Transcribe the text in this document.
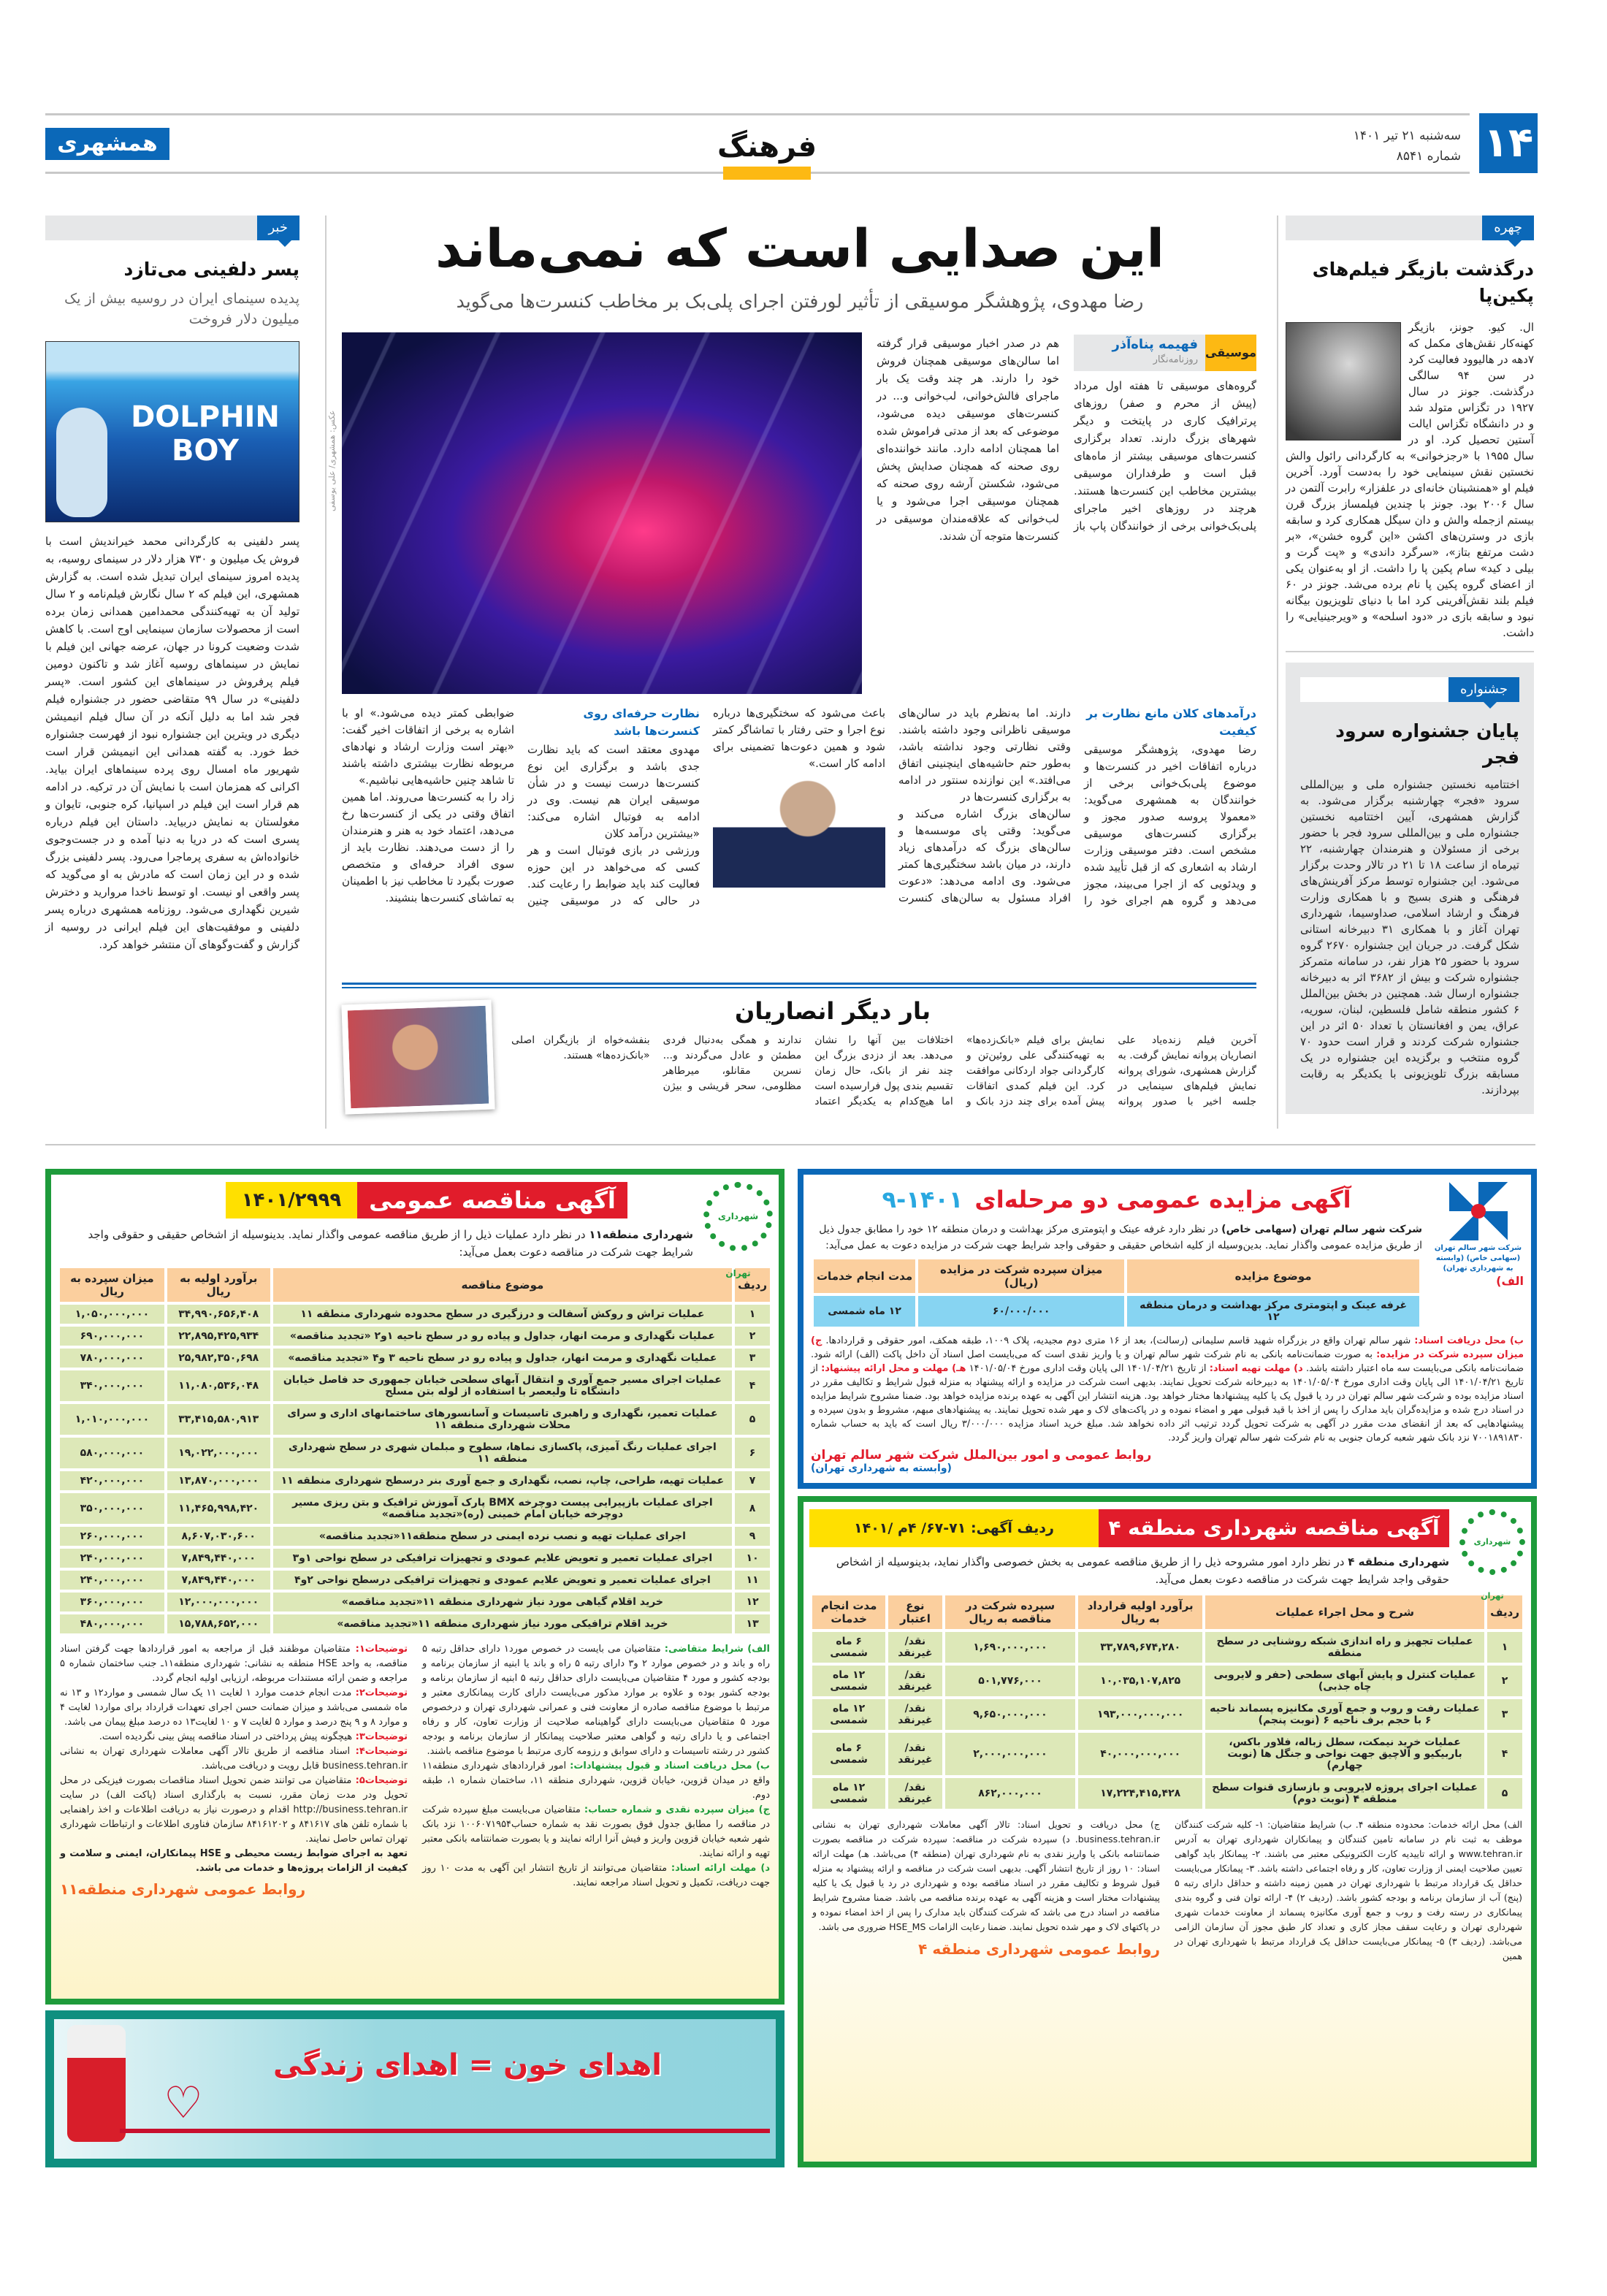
۱۴
سه‌شنبه ۲۱ تیر ۱۴۰۱
شماره ۸۵۴۱
فرهنگ
همشهری
چهره
درگذشت بازیگر فیلم‌های پکین‌پا
ال. کیو. جونز، بازیگر کهنه‌کار نقش‌های مکمل که ۷دهه در هالیوود فعالیت کرد در سن ۹۴ سالگی درگذشت. جونز در سال ۱۹۲۷ در تگزاس متولد شد و در دانشگاه تگزاس ایالت آستین تحصیل کرد. او در سال ۱۹۵۵ با «رجزخوانی» به کارگردانی رائول والش نخستین نقش سینمایی خود را به‌دست آورد. آخرین فیلم او «همنشینان خانه‌ای در علفزار» رابرت آلتمن در سال ۲۰۰۶ بود. جونز با چندین فیلمساز بزرگ قرن بیستم ازجمله والش و دان سیگل همکاری کرد و سابقه بازی در وسترن‌های اکشن «این گروه خشن»، «بر دشت مرتفع بتاز»، «سرگرد داندی» و «پت گرت و بیلی د کید» سام پکین پا را داشت. از او به‌عنوان یکی از اعضای گروه پکین پا نام برده می‌شد. جونز در ۶۰ فیلم بلند نقش‌آفرینی کرد اما با دنیای تلویزیون بیگانه نبود و سابقه بازی در «دود اسلحه» و «ویرجینیایی» را داشت.
جشنواره
پایان جشنواره سرود فجر
اختتامیه نخستین جشنواره ملی و بین‌المللی سرود «فجر» چهارشنبه برگزار می‌شود. به گزارش همشهری، آیین اختتامیه نخستین جشنواره ملی و بین‌المللی سرود فجر با حضور برخی از مسئولان و هنرمندان چهارشنبه، ۲۲ تیرماه از ساعت ۱۸ تا ۲۱ در تالار وحدت برگزار می‌شود. این جشنواره توسط مرکز آفرینش‌های فرهنگی و هنری بسیج و با همکاری وزارت فرهنگ و ارشاد اسلامی، صداوسیما، شهرداری تهران آغاز و با همکاری ۳۱ دبیرخانه استانی شکل گرفت. در جریان این جشنواره ۲۶۷۰ گروه سرود با حضور ۲۵ هزار نفر، در سامانه متمرکز جشنواره شرکت و بیش از ۳۶۸۲ اثر به دبیرخانه جشنواره ارسال شد. همچنین در بخش بین‌الملل ۶ کشور منطقه شامل فلسطین، لبنان، سوریه، عراق، یمن و افغانستان با تعداد ۵۰ اثر در این جشنواره شرکت کردند و قرار است حدود ۷۰ گروه منتخب و برگزیده این جشنواره در یک مسابقه بزرگ تلویزیونی با یکدیگر به رقابت بپردازند.
این صدایی است که نمی‌ماند
رضا مهدوی، پژوهشگر موسیقی از تأثیر لورفتن اجرای پلی‌بک بر مخاطب کنسرت‌ها می‌گوید
عکس: همشهری/ علی یوسفی
موسیقی
فهیمه پناه‌آذر
روزنامه‌نگار
گروه‌های موسیقی تا هفته اول مرداد (پیش از محرم و صفر) روزهای پرترافیک کاری در پایتخت و دیگر شهرهای بزرگ دارند. تعداد برگزاری کنسرت‌های موسیقی بیشتر از ماه‌های قبل است و طرفداران موسیقی بیشترین مخاطب این کنسرت‌ها هستند. هرچند در روزهای اخیر ماجرای پلی‌بک‌خوانی برخی از خوانندگان پاپ باز هم در صدر اخبار موسیقی قرار گرفته اما سالن‌های موسیقی همچنان فروش خود را دارند. هر چند وقت یک بار ماجرای فالش‌خوانی، لب‌خوانی و... در کنسرت‌های موسیقی دیده می‌شود، موضوعی که بعد از مدتی فراموش شده اما همچنان ادامه دارد. مانند خواننده‌ای روی صحنه که همچنان صدایش پخش می‌شود، شکستن آرشه روی صحنه که همچنان موسیقی اجرا می‌شود و یا لب‌خوانی که علاقه‌مندان موسیقی در کنسرت‌ها متوجه آن شدند.
درآمدهای کلان مانع نظارت بر کیفیت
رضا مهدوی، پژوهشگر موسیقی درباره اتفاقات اخیر در کنسرت‌ها و موضوع پلی‌بک‌خوانی برخی از خوانندگان به همشهری می‌گوید: «معمولا پروسه صدور مجوز و برگزاری کنسرت‌های موسیقی مشخص است. دفتر موسیقی وزارت ارشاد به اشعاری که از قبل تأیید شده و ویدئویی که از اجرا می‌بیند، مجوز می‌دهد و گروه هم اجرای خود را دارند. اما به‌نظرم باید در سالن‌های موسیقی ناظرانی وجود داشته باشند. وقتی نظارتی وجود نداشته باشد، به‌طور حتم حاشیه‌های اینچنینی اتفاق می‌افتد.» این نوازنده سنتور در ادامه به برگزاری کنسرت‌ها در
سالن‌های بزرگ اشاره می‌کند و می‌گوید: وقتی پای موسسه‌ها و سالن‌های بزرگ که درآمدهای زیاد دارند، در میان باشد سختگیری‌ها کمتر می‌شود. وی ادامه می‌دهد: «دعوت افراد مسئول به سالن‌های کنسرت باعث می‌شود که سختگیری‌ها درباره نوع اجرا و حتی رفتار با تماشاگر کمتر شود و همین دعوت‌ها تضمینی برای ادامه کار است.»
نظارت حرفه‌ای روی کنسرت‌ها باشد
مهدوی معتقد است که باید نظارت جدی باشد و برگزاری این نوع کنسرت‌ها درست نیست و در شأن موسیقی ایران هم نیست. وی در ادامه به فوتبال اشاره می‌کند: «بیشترین درآمد کلان
ورزشی در بازی فوتبال است و هر کسی که می‌خواهد در این حوزه فعالیت کند باید ضوابط را رعایت کند. در حالی که در موسیقی چنین ضوابطی کمتر دیده می‌شود.» او با اشاره به برخی از اتفاقات اخیر گفت: «بهتر است وزارت ارشاد و نهادهای مربوطه نظارت بیشتری داشته باشند تا شاهد چنین حاشیه‌هایی نباشیم.»
زاد را به کنسرت‌ها می‌روند. اما همین اتفاق وقتی در یکی از کنسرت‌ها رخ می‌دهد، اعتماد خود به هنر و هنرمندان را از دست می‌دهند. نظارت باید از سوی افراد حرفه‌ای و متخصص صورت بگیرد تا مخاطب نیز با اطمینان به تماشای کنسرت‌ها بنشیند.
بار دیگر انصاریان
آخرین فیلم زنده‌یاد علی انصاریان پروانه نمایش گرفت. به گزارش همشهری، شورای پروانه نمایش فیلم‌های سینمایی در جلسه اخیر با صدور پروانه نمایش برای فیلم «بانک‌زده‌ها» به تهیه‌کنندگی علی روئین‌تن و کارگردانی جواد اردکانی موافقت کرد. این فیلم کمدی اتفاقات پیش آمده برای چند دزد بانک و اختلافات بین آنها را نشان می‌دهد. بعد از دزدی بزرگ این چند نفر از بانک، حال زمان تقسیم بندی پول فرارسیده است اما هیچ‌کدام به یکدیگر اعتماد ندارند و همگی به‌دنبال فردی مطمئن و عادل می‌گردند و... نسرین مقانلو، میرطاهر مظلومی، سحر قریشی و بیژن بنفشه‌خواه از بازیگران اصلی «بانک‌زده‌ها» هستند.
خبر
پسر دلفینی می‌تازد
پدیده سینمای ایران در روسیه بیش از یک میلیون دلار فروخت
DOLPHIN BOY
پسر دلفینی به کارگردانی محمد خیراندیش است با فروش یک میلیون و ۷۳۰ هزار دلار در سینمای روسیه، به پدیده امروز سینمای ایران تبدیل شده است. به گزارش همشهری، این فیلم که ۲ سال نگارش فیلم‌نامه و ۲ سال تولید آن به تهیه‌کنندگی محمدامین همدانی زمان برده است از محصولات سازمان سینمایی اوج است. با کاهش شدت وضعیت کرونا در جهان، عرضه جهانی این فیلم با نمایش در سینماهای روسیه آغاز شد و تاکنون دومین فیلم پرفروش در سینماهای این کشور است. «پسر دلفینی» در سال ۹۹ متقاضی حضور در جشنواره فیلم فجر شد اما به دلیل آنکه در آن سال فیلم انیمیشن دیگری در ویترین این جشنواره نبود از فهرست جشنواره خط خورد. به گفته همدانی این انیمیشن قرار است شهریور ماه امسال روی پرده سینماهای ایران بیاید. اکرانی که همزمان است با نمایش آن در ترکیه. در ادامه هم قرار است این فیلم در اسپانیا، کره جنوبی، تایوان و مغولستان به نمایش دربیاید. داستان این فیلم درباره پسری است که در دریا به دنیا آمده و در جست‌وجوی خانواده‌اش به سفری پرماجرا می‌رود. پسر دلفینی بزرگ شده و در این زمان است که مادرش به او می‌گوید که پسر واقعی او نیست. او توسط ناخدا مروارید و دخترش شیرین نگهداری می‌شود. روزنامه همشهری درباره پسر دلفینی و موفقیت‌های این فیلم ایرانی در روسیه از گزارش و گفت‌وگوهای آن منتشر خواهد کرد.
شهرداری تهران
آگهی مناقصه عمومی
۱۴۰۱/۲۹۹۹
شهرداری منطقه۱۱ در نظر دارد عملیات ذیل را از طریق مناقصه عمومی واگذار نماید. بدینوسیله از اشخاص حقیقی و حقوقی واجد شرایط جهت شرکت در مناقصه دعوت بعمل می‌آید:
ردیف	موضوع مناقصه	برآورد اولیه به ریال	میزان سپرده به ریال
۱	عملیات تراش و روکش آسفالت و درزگیری در سطح محدوده شهرداری منطقه ۱۱	۳۴,۹۹۰,۶۵۶,۴۰۸	۱,۰۵۰,۰۰۰,۰۰۰
۲	عملیات نگهداری و مرمت انهار، جداول و پیاده رو در سطح ناحیه ۱و۲ «تجدید مناقصه»	۲۲,۸۹۵,۴۲۵,۹۳۴	۶۹۰,۰۰۰,۰۰۰
۳	عملیات نگهداری و مرمت انهار، جداول و پیاده رو در سطح ناحیه ۳ و۴ «تجدید مناقصه»	۲۵,۹۸۲,۳۵۰,۶۹۸	۷۸۰,۰۰۰,۰۰۰
۴	عملیات اجرای مسیر جمع آوری و انتقال آبهای سطحی خیابان جمهوری حد فاصل خیابان دانشگاه تا ولیعصر با استفاده از لوله بتن مسلح	۱۱,۰۸۰,۵۳۶,۰۴۸	۳۴۰,۰۰۰,۰۰۰
۵	عملیات تعمیر، نگهداری و راهبری تاسیسات و آسانسورهای ساختمانهای اداری و سرای محلات شهرداری منطقه ۱۱	۳۳,۴۱۵,۵۸۰,۹۱۳	۱,۰۱۰,۰۰۰,۰۰۰
۶	اجرای عملیات رنگ آمیزی، پاکسازی نماها، سطوح و مبلمان شهری در سطح شهرداری منطقه ۱۱	۱۹,۰۲۲,۰۰۰,۰۰۰	۵۸۰,۰۰۰,۰۰۰
۷	عملیات تهیه، طراحی، چاپ، نصب، نگهداری و جمع آوری بنر درسطح شهرداری منطقه ۱۱	۱۳,۸۷۰,۰۰۰,۰۰۰	۴۲۰,۰۰۰,۰۰۰
۸	اجرای عملیات بازپیرایی پیست دوچرخه BMX پارک آموزش ترافیک و بتن ریزی مسیر دوچرخه خیابان امام خمینی (ره)«تجدید مناقصه»	۱۱,۴۶۵,۹۹۸,۴۲۰	۳۵۰,۰۰۰,۰۰۰
۹	اجرای عملیات تهیه و نصب نرده ایمنی در سطح منطقه۱۱«تجدید مناقصه»	۸,۶۰۷,۰۳۰,۶۰۰	۲۶۰,۰۰۰,۰۰۰
۱۰	اجرای عملیات تعمیر و تعویض علایم عمودی و تجهیزات ترافیکی در سطح نواحی ۱و۳	۷,۸۴۹,۴۴۰,۰۰۰	۲۴۰,۰۰۰,۰۰۰
۱۱	اجرای عملیات تعمیر و تعویض علایم عمودی و تجهیزات ترافیکی درسطح نواحی ۲و۴	۷,۸۴۹,۴۴۰,۰۰۰	۲۴۰,۰۰۰,۰۰۰
۱۲	خرید اقلام گیاهی مورد نیاز شهرداری منطقه ۱۱«تجدید مناقصه»	۱۲,۰۰۰,۰۰۰,۰۰۰	۳۶۰,۰۰۰,۰۰۰
۱۳	خرید اقلام ترافیکی مورد نیاز شهرداری منطقه ۱۱«تجدید مناقصه»	۱۵,۷۸۸,۶۵۲,۰۰۰	۴۸۰,۰۰۰,۰۰۰
الف) شرایط متقاضی: متقاضیان می بایست در خصوص مورد۱ دارای حداقل رتبه ۵ راه و باند و در خصوص موارد ۲ و۳ دارای رتبه ۵ راه و باند یا ابنیه از سازمان برنامه و بودجه کشور و مورد ۴ متقاضیان می‌بایست دارای حداقل رتبه ۵ ابنیه از سازمان برنامه و بودجه کشور بوده و علاوه بر موارد مذکور می‌بایست دارای کارت پیمانکاری معتبر و مرتبط با موضوع مناقصه صادره از معاونت فنی و عمرانی شهرداری تهران و درخصوص مورد ۵ متقاضیان می‌بایست دارای گواهینامه صلاحیت از وزارت تعاون، کار و رفاه اجتماعی و یا دارای رتبه و گواهی معتبر صلاحیت پیمانکار از سازمان برنامه و بودجه کشور در رشته تاسیسات و دارای سوابق و رزومه کاری مرتبط با موضوع مناقصه باشند.
ب) محل دریافت اسناد و قبول پیشنهادات: امور قراردادهای شهرداری منطقه۱۱ واقع در میدان قزوین، خیابان قزوین، شهرداری منطقه ۱۱، ساختمان شماره ۱، طبقه دوم.
ج) میزان سپرده نقدی و شماره حساب: متقاضیان می‌بایست مبلغ سپرده شرکت در مناقصه را مطابق جدول فوق بصورت نقد به شماره حساب۱۰۰۶۰۷۱۹۵۴ نزد بانک شهر شعبه خیابان قزوین واریز و فیش آنرا ارائه نمایند و یا بصورت ضمانتنامه بانکی معتبر تهیه و ارائه نمایند.
د) مهلت ارائه اسناد: متقاضیان می‌توانند از تاریخ انتشار این آگهی به مدت ۱۰ روز جهت دریافت، تکمیل و تحویل اسناد مراجعه نمایند.
توضیحات۱: متقاضیان موظفند قبل از مراجعه به امور قراردادها جهت گرفتن اسناد مناقصه، به واحد HSE منطقه به نشانی: شهرداری منطقه۱۱ـ جنب ساختمان شماره ۵ مراجعه و ضمن ارائه مستندات مربوطه، ارزیابی اولیه انجام گردد.
توضیحات۲: مدت انجام خدمت موارد ۱ لغایت ۱۱ یک سال شمسی و موارد۱۲ و ۱۳ نه ماه شمسی می‌باشد و میزان ضمانت حسن اجرای تعهدات قرارداد برای موارد۱ لغایت ۴ و موارد ۸ و ۹ پنج درصد و موارد ۵ لغایت ۷ و ۱۰ لغایت۱۳ ده درصد مبلغ پیمان می باشد.
توضیحات۳: هیچگونه پیش پرداختی در اسناد مناقصه پیش بینی نگردیده است.
توضیحات۴: اسناد مناقصه از طریق تالار آگهی معاملات شهرداری تهران به نشانی business.tehran.ir قابل رویت و دریافت می‌باشد.
توضیحات۵: متقاضیان می توانند ضمن تحویل اسناد مناقصات بصورت فیزیکی در محل تحویل ودر مدت زمان مقرر، نسبت به بارگذاری اسناد (پاکت الف) در سایت http://business.tehran.ir اقدام و درصورت نیاز به دریافت اطلاعات و اخذ راهنمایی با شماره تلفن های ۸۴۱۶۱۷ و ۸۴۱۶۱۲۰۲ سازمان فناوری اطلاعات و ارتباطات شهرداری تهران تماس حاصل نمایند.
تعهد به اجرای ضوابط زیست محیطی و HSE پیمانکاران، ایمنی و سلامت و کیفیت از الزامات پروژه‌ها و خدمات می باشد.
روابط عمومی شهرداری منطقه۱۱
♡
اهدای خون = اهدای زندگی
شرکت شهر سالم تهران (سهامی خاص) (وابسته به شهرداری تهران)
الف)
آگهی مزایده عمومی دو مرحله‌ای
۹-۱۴۰۱
شرکت شهر سالم تهران (سهامی خاص) در نظر دارد غرفه عینک و اپتومتری مرکز بهداشت و درمان منطقه ۱۲ خود را مطابق جدول ذیل از طریق مزایده عمومی واگذار نماید. بدین‌وسیله از کلیه اشخاص حقیقی و حقوقی واجد شرایط جهت شرکت در مزایده دعوت به عمل می‌آید:
موضوع مزایده	میزان سپرده شرکت در مزایده (ریال)	مدت انجام خدمات
غرفه عینک و اپتومتری مرکز بهداشت و درمان منطقه ۱۲	۶۰/۰۰۰/۰۰۰	۱۲ ماه شمسی
ب) محل دریافت اسناد: شهر سالم تهران واقع در بزرگراه شهید قاسم سلیمانی (رسالت)، بعد از ۱۶ متری دوم مجیدیه، پلاک ۱۰۰۹، طبقه همکف، امور حقوقی و قراردادها. ج) میزان سپرده شرکت در مزایده: به صورت ضمانت‌نامه بانکی به نام شرکت شهر سالم تهران و یا واریز نقدی است که می‌بایست اصل اسناد آن داخل پاکت (الف) ارائه شود. ضمانت‌نامه بانکی می‌بایست سه ماه اعتبار داشته باشد. د) مهلت تهیه اسناد: از تاریخ ۱۴۰۱/۰۴/۲۱ الی پایان وقت اداری مورخ ۱۴۰۱/۰۵/۰۴ هـ) مهلت و محل ارائه پیشنهاد: از تاریخ ۱۴۰۱/۰۴/۲۱ الی پایان وقت اداری مورخ ۱۴۰۱/۰۵/۰۴ به دبیرخانه شرکت تحویل نمایند. بدیهی است شرکت در مزایده و ارائه پیشنهاد به منزله قبول شرایط و تکالیف مقرر در اسناد مزایده بوده و شرکت شهر سالم تهران در رد یا قبول یک یا کلیه پیشنهادها مختار خواهد بود. هزینه انتشار این آگهی به عهده برنده مزایده خواهد بود. ضمنا مشروح شرایط مزایده در اسناد درج شده و مزایده‌گران باید مدارک را پس از اخذ با قید قبولی مهر و امضاء نموده و در پاکت‌های لاک و مهر شده تحویل نمایند. به پیشنهادهای مبهم، مشروط و بدون سپرده و پیشنهادهایی که بعد از انقضای مدت مقرر در آگهی به شرکت تحویل گردد ترتیب اثر داده نخواهد شد. مبلغ خرید اسناد مزایده ۳/۰۰۰/۰۰۰ ریال است که باید به حساب شماره ۷۰۰۱۸۹۱۸۳۰ نزد بانک شهر شعبه کرمان جنوبی به نام شرکت شهر سالم تهران واریز گردد.
روابط عمومی و امور بین‌الملل شرکت شهر سالم تهران
(وابسته به شهرداری تهران)
شهرداری تهران
آگهی مناقصه شهرداری منطقه ۴
ردیف آگهی: ۷۱-۶۷/ ۴م /۱۴۰۱
شهرداری منطقه ۴ در نظر دارد امور مشروحه ذیل را از طریق مناقصه عمومی به بخش خصوصی واگذار نماید، بدینوسیله از اشخاص حقوقی واجد شرایط جهت شرکت در مناقصه دعوت بعمل می‌آید.
ردیف	شرح و محل اجراء عملیات	برآورد اولیه قرارداد به ریال	سپرده شرکت در مناقصه به ریال	نوع اعتبار	مدت انجام خدمات
۱	عملیات تجهیز و راه اندازی شبکه روشنایی در سطح منطقه	۳۳,۷۸۹,۶۷۴,۲۸۰	۱,۶۹۰,۰۰۰,۰۰۰	نقد/غیرنقد	۶ ماه شمسی
۲	عملیات کنترل و پایش آبهای سطحی (حفر و لایروبی چاه جذبی)	۱۰,۰۳۵,۱۰۷,۸۲۵	۵۰۱,۷۷۶,۰۰۰	نقد/غیرنقد	۱۲ ماه شمسی
۳	عملیات رفت و روب و جمع آوری مکانیزه پسماند ناحیه ۶ با حجم برف ناحیه ۶ (نوبت پنجم)	۱۹۳,۰۰۰,۰۰۰,۰۰۰	۹,۶۵۰,۰۰۰,۰۰۰	نقد/غیرنقد	۱۲ ماه شمسی
۴	عملیات خرید نیمکت، سطل زباله، فلاور باکس، باربیکیو و آلاچیق جهت نواحی و جنگل ها (نوبت چهارم)	۴۰,۰۰۰,۰۰۰,۰۰۰	۲,۰۰۰,۰۰۰,۰۰۰	نقد/غیرنقد	۶ ماه شمسی
۵	عملیات اجرای پروژه لایروبی و بازسازی قنوات سطح منطقه ۴ (نوبت دوم)	۱۷,۲۲۴,۴۱۵,۴۲۸	۸۶۲,۰۰۰,۰۰۰	نقد/غیرنقد	۱۲ ماه شمسی
الف) محل ارائه خدمات: محدوده منطقه ۴. ب) شرایط متقاضیان: ۱- کلیه شرکت کنندگان موظف به ثبت نام در سامانه تامین کنندگان و پیمانکاران شهرداری تهران به آدرس www.tehran.ir و ارائه تاییدیه کارت الکترونیکی معتبر می باشند. ۲- پیمانکار باید گواهی تعیین صلاحیت ایمنی از وزارت تعاون، کار و رفاه اجتماعی داشته باشد. ۳- پیمانکار می‌بایست حداقل یک قرارداد مرتبط با شهرداری تهران در همین زمینه داشته و حداقل دارای رتبه ۵ (پنج) آب از سازمان برنامه و بودجه کشور باشد. (ردیف ۲) ۴- ارائه توان فنی و گروه بندی پیمانکاری در رسته رفت و روب و جمع آوری مکانیزه پسماند از معاونت خدمات شهری شهرداری تهران و رعایت سقف مجاز کاری و تعداد کار طبق مجوز آن سازمان الزامی می‌باشد. (ردیف ۳) ۵- پیمانکار می‌بایست حداقل یک قرارداد مرتبط با شهرداری تهران در همین
ج) محل دریافت و تحویل اسناد: تالار آگهی معاملات شهرداری تهران به نشانی business.tehran.ir. د) سپرده شرکت در مناقصه: سپرده شرکت در مناقصه بصورت ضمانتنامه بانکی یا واریز نقدی به نام شهرداری تهران (منطقه ۴) می‌باشد. هـ) مهلت ارائه اسناد: ۱۰ روز از تاریخ انتشار آگهی. بدیهی است شرکت در مناقصه و ارائه پیشنهاد به منزله قبول شروط و تکالیف مقرر در اسناد مناقصه بوده و شهرداری در رد یا قبول یک یا کلیه پیشنهادات مختار است و هزینه آگهی به عهده برنده مناقصه می باشد. ضمنا مشروح شرایط مناقصه در اسناد درج می باشد که شرکت کنندگان باید مدارک را پس از اخذ امضاء نموده و در پاکتهای لاک و مهر شده تحویل نمایند. ضمنا رعایت الزامات HSE_MS ضروری می باشد.
روابط عمومی شهرداری منطقه ۴
